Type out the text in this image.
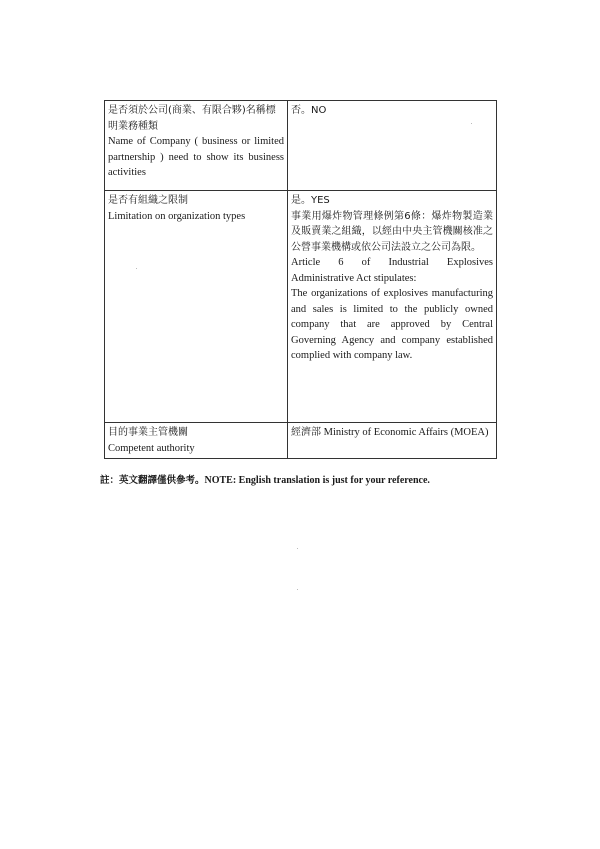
是否須於公司(商業、有限合夥)名稱標明業務種類
Name of Company ( business or limited partnership ) need to show its business activities	否。NO

是否有組織之限制
Limitation on organization types	是。YES
事業用爆炸物管理條例第6條：爆炸物製造業及販賣業之組織，以經由中央主管機關核准之公營事業機構或依公司法設立之公司為限。
Article 6 of Industrial Explosives Administrative Act stipulates:
The organizations of explosives manufacturing and sales is limited to the publicly owned company that are approved by Central Governing Agency and company established complied with company law.

目的事業主管機關
Competent authority	經濟部 Ministry of Economic Affairs (MOEA)
註：英文翻譯僅供參考。NOTE: English translation is just for your reference.
